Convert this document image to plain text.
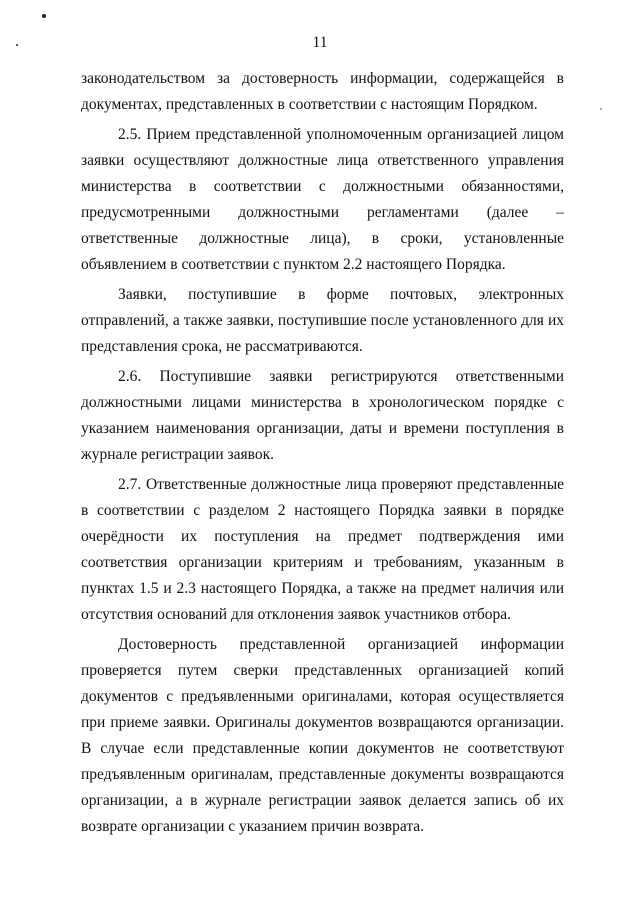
11

законодательством за достоверность информации, содержащейся в документах, представленных в соответствии с настоящим Порядком.

2.5. Прием представленной уполномоченным организацией лицом заявки осуществляют должностные лица ответственного управления министерства в соответствии с должностными обязанностями, предусмотренными должностными регламентами (далее – ответственные должностные лица), в сроки, установленные объявлением в соответствии с пунктом 2.2 настоящего Порядка.

Заявки, поступившие в форме почтовых, электронных отправлений, а также заявки, поступившие после установленного для их представления срока, не рассматриваются.

2.6. Поступившие заявки регистрируются ответственными должностными лицами министерства в хронологическом порядке с указанием наименования организации, даты и времени поступления в журнале регистрации заявок.

2.7. Ответственные должностные лица проверяют представленные в соответствии с разделом 2 настоящего Порядка заявки в порядке очерёдности их поступления на предмет подтверждения ими соответствия организации критериям и требованиям, указанным в пунктах 1.5 и 2.3 настоящего Порядка, а также на предмет наличия или отсутствия оснований для отклонения заявок участников отбора.

Достоверность представленной организацией информации проверяется путем сверки представленных организацией копий документов с предъявленными оригиналами, которая осуществляется при приеме заявки. Оригиналы документов возвращаются организации. В случае если представленные копии документов не соответствуют предъявленным оригиналам, представленные документы возвращаются организации, а в журнале регистрации заявок делается запись об их возврате организации с указанием причин возврата.
